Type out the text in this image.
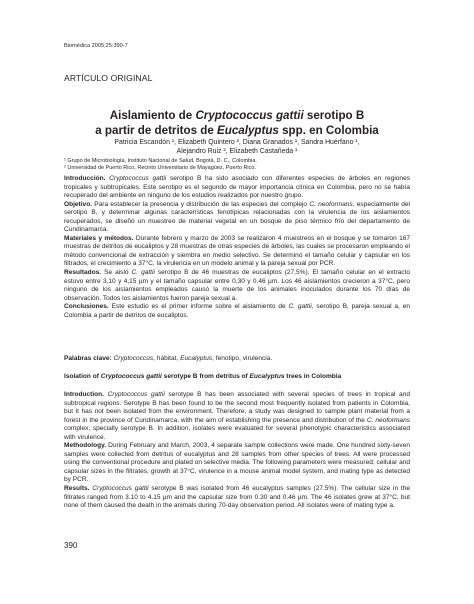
Biomédica 2005;25:390-7
ARTÍCULO ORIGINAL
Aislamiento de Cryptococcus gattii serotipo B
a partir de detritos de Eucalyptus spp. en Colombia
Patricia Escandón ¹, Elizabeth Quintero ², Diana Granados ¹, Sandra Huérfano ¹,
Alejandro Ruiz ², Elizabeth Castañeda ¹
¹ Grupo de Microbiología, Instituto Nacional de Salud, Bogotá, D. C., Colombia.
² Universidad de Puerto Rico, Recinto Universitario de Mayagüez, Puerto Rico.

Introducción. Cryptococcus gattii serotipo B ha sido asociado con diferentes especies de árboles en regiones tropicales y subtropicales. Este serotipo es el segundo de mayor importancia clínica en Colombia, pero no se había recuperado del ambiente en ninguno de los estudios realizados por nuestro grupo.

Objetivo. Para establecer la presencia y distribución de las especies del complejo C. neoformans, especialmente del serotipo B, y determinar algunas características fenotípicas relacionadas con la virulencia de los aislamientos recuperados, se diseñó un muestreo de material vegetal en un bosque de piso térmico frío del departamento de Cundinamarca.

Materiales y métodos. Durante febrero y marzo de 2003 se realizaron 4 muestreos en el bosque y se tomaron 167 muestras de detritos de eucaliptos y 28 muestras de otras especies de árboles, las cuales se procesaron empleando el método convencional de extracción y siembra en medio selectivo. Se determinó el tamaño celular y capsular en los filtrados, el crecimiento a 37°C, la virulencia en un modelo animal y la pareja sexual por PCR.

Resultados. Se aisló C. gattii serotipo B de 46 muestras de eucaliptos (27,5%). El tamaño celular en el extracto estuvo entre 3,10 y 4,15 µm y el tamaño capsular entre 0,30 y 0,46 µm. Los 46 aislamientos crecieron a 37°C, pero ninguno de los aislamientos empleados causó la muerte de los animales inoculados durante los 70 días de observación. Todos los aislamientos fueron pareja sexual a.

Conclusiones. Este estudio es el primer informe sobre el aislamiento de C. gattii, serotipo B, pareja sexual a, en Colombia a partir de detritos de eucaliptos.

Palabras clave: Cryptococcus, hábitat, Eucalyptus, fenotipo, virulencia.

Isolation of Cryptococcus gattii serotype B from detritus of Eucalyptus trees in Colombia

Introduction. Cryptococcus gattii serotype B has been associated with several species of trees in tropical and subtropical regions. Serotype B has been found to be the second most frequently isolated from patients in Colombia, but it has not been isolated from the environment. Therefore, a study was designed to sample plant material from a forest in the province of Cundinamarca, with the aim of establishing the presence and distribution of the C. neoformans complex, specially serotype B. In addition, isolates were evaluated for several phenotypic characteristics associated with virulence.

Methodology. During February and March, 2003, 4 separate sample collections were made. One hundred sixty-seven samples were collected from detritus of eucalyptus and 28 samples from other species of trees. All were processed using the conventional procedure and plated on selective media. The following parameters were measured: cellular and capsular sizes in the filtrates, growth at 37°C, virulence in a mouse animal model system, and mating type as detected by PCR.

Results. Cryptococcus gattii serotype B was isolated from 46 eucalyptus samples (27.5%). The cellular size in the filtrates ranged from 3.10 to 4.15 µm and the capsular size from 0.30 and 0.46 µm. The 46 isolates grew at 37°C, but none of them caused the death in the animals during 70-day observation period. All isolates were of mating type a.

390
